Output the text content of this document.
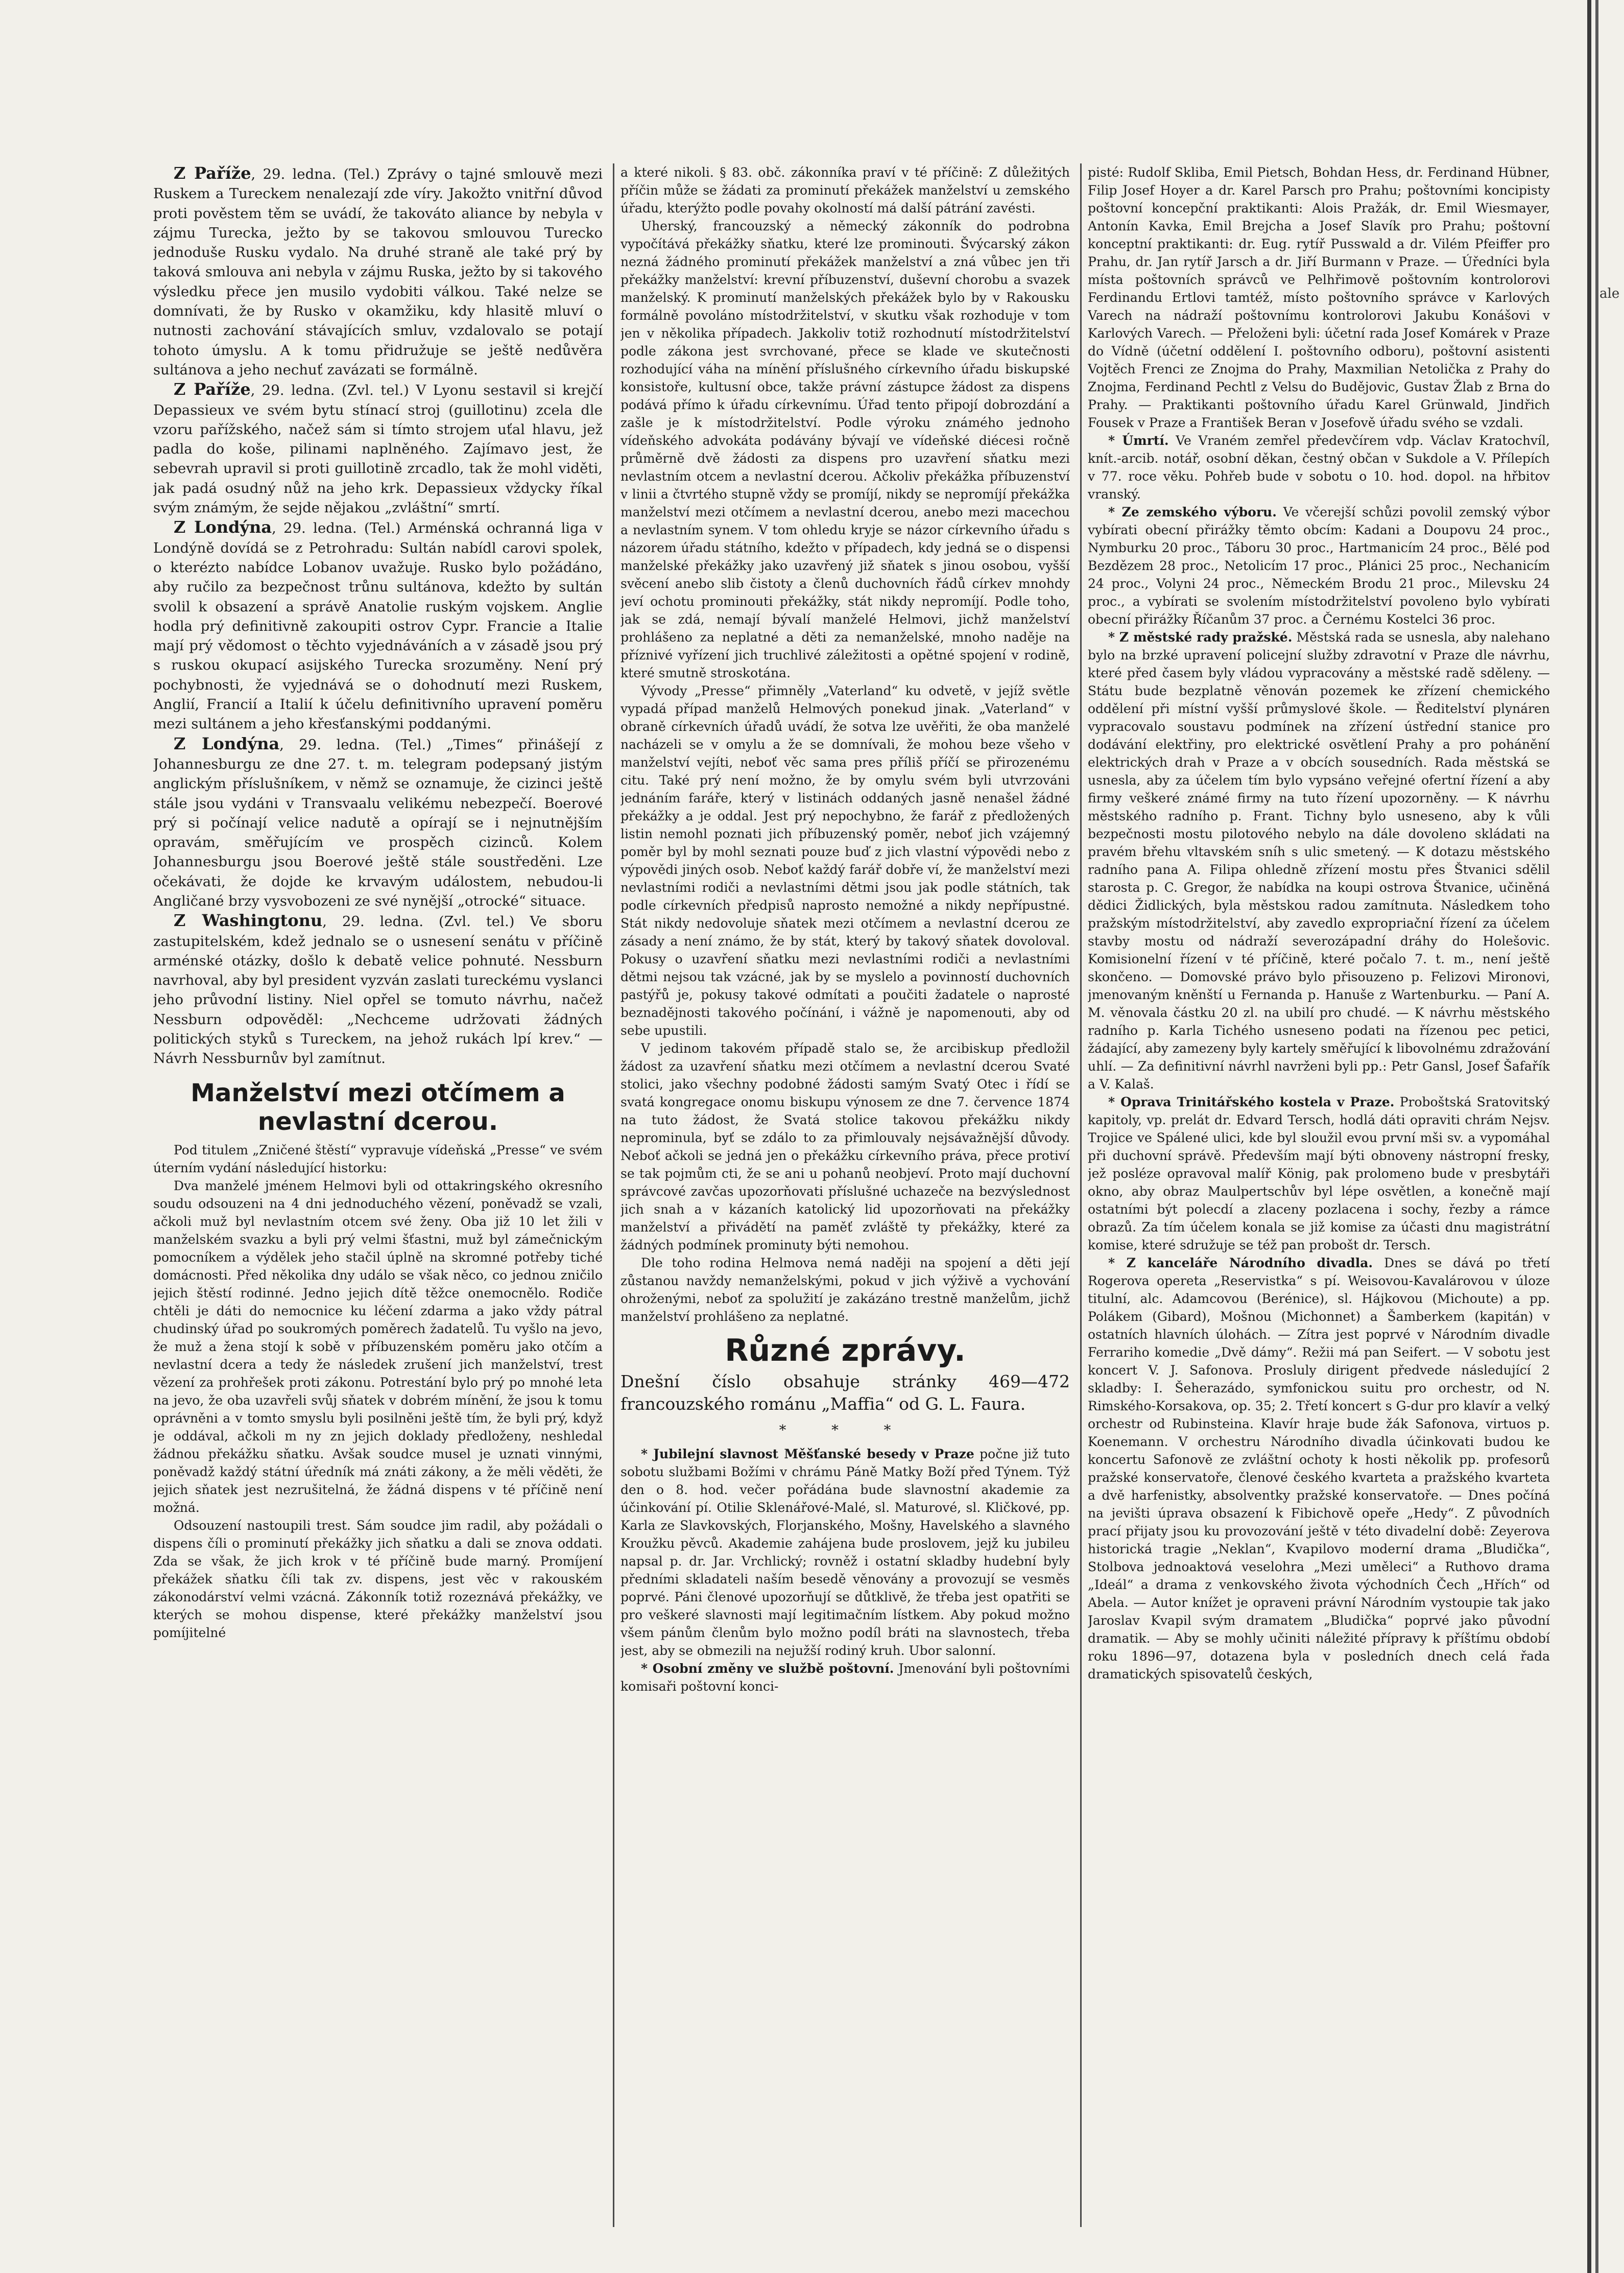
Z Paříže, 29. ledna. (Tel.) Zprávy o tajné smlouvě mezi Ruskem a Tureckem nenalezají zde víry. Jakožto vnitřní důvod proti pověstem těm se uvádí, že takováto aliance by nebyla v zájmu Turecka, ježto by se takovou smlouvou Turecko jednoduše Rusku vydalo. Na druhé straně ale také prý by taková smlouva ani nebyla v zájmu Ruska, ježto by si takového výsledku přece jen musilo vydobiti válkou. Také nelze se domnívati, že by Rusko v okamžiku, kdy hlasitě mluví o nutnosti zachování stávajících smluv, vzdalovalo se potají tohoto úmyslu. A k tomu přidružuje se ještě nedůvěra sultánova a jeho nechuť zavázati se formálně.

Z Paříže, 29. ledna. (Zvl. tel.) V Lyonu sestavil si krejčí Depassieux ve svém bytu stínací stroj (guillotinu) zcela dle vzoru pařížského, načež sám si tímto strojem uťal hlavu, jež padla do koše, pilinami naplněného. Zajímavo jest, že sebevrah upravil si proti guillotině zrcadlo, tak že mohl viděti, jak padá osudný nůž na jeho krk. Depassieux vždycky říkal svým známým, že sejde nějakou „zvláštní“ smrtí.

Z Londýna, 29. ledna. (Tel.) Arménská ochranná liga v Londýně dovídá se z Petrohradu: Sultán nabídl carovi spolek, o kterézto nabídce Lobanov uvažuje. Rusko bylo požádáno, aby ručilo za bezpečnost trůnu sultánova, kdežto by sultán svolil k obsazení a správě Anatolie ruským vojskem. Anglie hodla prý definitivně zakoupiti ostrov Cypr. Francie a Italie mají prý vědomost o těchto vyjednáváních a v zásadě jsou prý s ruskou okupací asijského Turecka srozuměny. Není prý pochybnosti, že vyjednává se o dohodnutí mezi Ruskem, Anglií, Francií a Italií k účelu definitivního upravení poměru mezi sultánem a jeho křesťanskými poddanými.

Z Londýna, 29. ledna. (Tel.) „Times“ přinášejí z Johannesburgu ze dne 27. t. m. telegram podepsaný jistým anglickým příslušníkem, v němž se oznamuje, že cizinci ještě stále jsou vydáni v Transvaalu velikému nebezpečí. Boerové prý si počínají velice nadutě a opírají se i nejnutnějším opravám, směřujícím ve prospěch cizinců. Kolem Johannesburgu jsou Boerové ještě stále soustředěni. Lze očekávati, že dojde ke krvavým událostem, nebudou-li Angličané brzy vysvobozeni ze své nynější „otrocké“ situace.

Z Washingtonu, 29. ledna. (Zvl. tel.) Ve sboru zastupitelském, kdež jednalo se o usnesení senátu v příčině arménské otázky, došlo k debatě velice pohnuté. Nessburn navrhoval, aby byl president vyzván zaslati tureckému vyslanci jeho průvodní listiny. Niel opřel se tomuto návrhu, načež Nessburn odpověděl: „Nechceme udržovati žádných politických styků s Tureckem, na jehož rukách lpí krev.“ — Návrh Nessburnův byl zamítnut.

Manželství mezi otčímem a nevlastní dcerou.

Pod titulem „Zničené štěstí“ vypravuje vídeňská „Presse“ ve svém úterním vydání následující historku:

Dva manželé jménem Helmovi byli od ottakringského okresního soudu odsouzeni na 4 dni jednoduchého vězení, poněvadž se vzali, ačkoli muž byl nevlastním otcem své ženy. Oba již 10 let žili v manželském svazku a byli prý velmi šťastni, muž byl zámečnickým pomocníkem a výdělek jeho stačil úplně na skromné potřeby tiché domácnosti. Před několika dny událo se však něco, co jednou zničilo jejich štěstí rodinné. Jedno jejich dítě těžce onemocnělo. Rodiče chtěli je dáti do nemocnice ku léčení zdarma a jako vždy pátral chudinský úřad po soukromých poměrech žadatelů. Tu vyšlo na jevo, že muž a žena stojí k sobě v příbuzenském poměru jako otčím a nevlastní dcera a tedy že následek zrušení jich manželství, trest vězení za prohřešek proti zákonu. Potrestání bylo prý po mnohé leta na jevo, že oba uzavřeli svůj sňatek v dobrém mínění, že jsou k tomu oprávněni a v tomto smyslu byli posilněni ještě tím, že byli prý, když je oddával, ačkoli m ny zn jejich doklady předloženy, neshledal žádnou překážku sňatku. Avšak soudce musel je uznati vinnými, poněvadž každý státní úředník má znáti zákony, a že měli věděti, že jejich sňatek jest nezrušitelná, že žádná dispens v té příčině není možná.

Odsouzení nastoupili trest. Sám soudce jim radil, aby požádali o dispens číli o prominutí překážky jich sňatku a dali se znova oddati. Zda se však, že jich krok v té příčině bude marný. Promíjení překážek sňatku číli tak zv. dispens, jest věc v rakouském zákonodárství velmi vzácná. Zákonník totiž rozeznává překážky, ve kterých se mohou dispense, které překážky manželství jsou pomíjitelné

a které nikoli. § 83. obč. zákonníka praví v té příčině: Z důležitých příčin může se žádati za prominutí překážek manželství u zemského úřadu, kterýžto podle povahy okolností má další pátrání zavésti.

Uherský, francouzský a německý zákonník do podrobna vypočítává překážky sňatku, které lze prominouti. Švýcarský zákon nezná žádného prominutí překážek manželství a zná vůbec jen tři překážky manželství: krevní příbuzenství, duševní chorobu a svazek manželský. K prominutí manželských překážek bylo by v Rakousku formálně povoláno místodržitelství, v skutku však rozhoduje v tom jen v několika případech. Jakkoliv totiž rozhodnutí místodržitelství podle zákona jest svrchované, přece se klade ve skutečnosti rozhodující váha na mínění příslušného církevního úřadu biskupské konsistoře, kultusní obce, takže právní zástupce žádost za dispens podává přímo k úřadu církevnímu. Úřad tento připojí dobrozdání a zašle je k místodržitelství. Podle výroku známého jednoho vídeňského advokáta podávány bývají ve vídeňské diécesi ročně průměrně dvě žádosti za dispens pro uzavření sňatku mezi nevlastním otcem a nevlastní dcerou. Ačkoliv překážka příbuzenství v linii a čtvrtého stupně vždy se promíjí, nikdy se nepromíjí překážka manželství mezi otčímem a nevlastní dcerou, anebo mezi macechou a nevlastním synem. V tom ohledu kryje se názor církevního úřadu s názorem úřadu státního, kdežto v případech, kdy jedná se o dispensi manželské překážky jako uzavřený již sňatek s jinou osobou, vyšší svěcení anebo slib čistoty a členů duchovních řádů církev mnohdy jeví ochotu prominouti překážky, stát nikdy nepromíjí. Podle toho, jak se zdá, nemají bývalí manželé Helmovi, jichž manželství prohlášeno za neplatné a děti za nemanželské, mnoho naděje na příznivé vyřízení jich truchlivé záležitosti a opětné spojení v rodině, které smutně stroskotána.

Vývody „Presse“ přimněly „Vaterland“ ku odvetě, v jejíž světle vypadá případ manželů Helmových ponekud jinak. „Vaterland“ v obraně církevních úřadů uvádí, že sotva lze uvěřiti, že oba manželé nacházeli se v omylu a že se domnívali, že mohou beze všeho v manželství vejíti, neboť věc sama pres příliš příčí se přirozenému citu. Také prý není možno, že by omylu svém byli utvrzováni jednáním faráře, který v listinách oddaných jasně nenašel žádné překážky a je oddal. Jest prý nepochybno, že farář z předložených listin nemohl poznati jich příbuzenský poměr, neboť jich vzájemný poměr byl by mohl seznati pouze buď z jich vlastní výpovědi nebo z výpovědi jiných osob. Neboť každý farář dobře ví, že manželství mezi nevlastními rodiči a nevlastními dětmi jsou jak podle státních, tak podle církevních předpisů naprosto nemožné a nikdy nepřípustné. Stát nikdy nedovoluje sňatek mezi otčímem a nevlastní dcerou ze zásady a není známo, že by stát, který by takový sňatek dovoloval. Pokusy o uzavření sňatku mezi nevlastními rodiči a nevlastními dětmi nejsou tak vzácné, jak by se myslelo a povinností duchovních pastýřů je, pokusy takové odmítati a poučiti žadatele o naprosté beznadějnosti takového počínání, i vážně je napomenouti, aby od sebe upustili.

V jedinom takovém případě stalo se, že arcibiskup předložil žádost za uzavření sňatku mezi otčímem a nevlastní dcerou Svaté stolici, jako všechny podobné žádosti samým Svatý Otec i řídí se svatá kongregace onomu biskupu výnosem ze dne 7. července 1874 na tuto žádost, že Svatá stolice takovou překážku nikdy neprominula, byť se zdálo to za přimlouvaly nejsávažnější důvody. Neboť ačkoli se jedná jen o překážku církevního práva, přece protiví se tak pojmům cti, že se ani u pohanů neobjeví. Proto mají duchovní správcové zavčas upozorňovati příslušné uchazeče na bezvýslednost jich snah a v kázaních katolický lid upozorňovati na překážky manželství a přivádětí na paměť zvláště ty překážky, které za žádných podmínek prominuty býti nemohou.

Dle toho rodina Helmova nemá naději na spojení a děti její zůstanou navždy nemanželskými, pokud v jich výživě a vychování ohroženými, neboť za spolužití je zakázáno trestně manželům, jichž manželství prohlášeno za neplatné.

Různé zprávy.

Dnešní číslo obsahuje stránky 469—472 francouzského románu „Maffia“ od G. L. Faura.

* * *

* Jubilejní slavnost Měšťanské besedy v Praze počne již tuto sobotu službami Božími v chrámu Páně Matky Boží před Týnem. Týž den o 8. hod. večer pořádána bude slavnostní akademie za účinkování pí. Otilie Sklenářové-Malé, sl. Maturové, sl. Kličkové, pp. Karla ze Slavkovských, Florjanského, Mošny, Havelského a slavného Kroužku pěvců. Akademie zahájena bude proslovem, jejž ku jubileu napsal p. dr. Jar. Vrchlický; rovněž i ostatní skladby hudební byly předními skladateli naším besedě věnovány a provozují se vesměs poprvé. Páni členové upozorňují se důtklivě, že třeba jest opatřiti se pro veškeré slavnosti mají legitimačním lístkem. Aby pokud možno všem pánům členům bylo možno podíl bráti na slavnostech, třeba jest, aby se obmezili na nejužší rodiný kruh. Ubor salonní.

* Osobní změny ve službě poštovní. Jmenování byli poštovními komisaři poštovní konci-

pisté: Rudolf Skliba, Emil Pietsch, Bohdan Hess, dr. Ferdinand Hübner, Filip Josef Hoyer a dr. Karel Parsch pro Prahu; poštovními koncipisty poštovní koncepční praktikanti: Alois Pražák, dr. Emil Wiesmayer, Antonín Kavka, Emil Brejcha a Josef Slavík pro Prahu; poštovní konceptní praktikanti: dr. Eug. rytíř Pusswald a dr. Vilém Pfeiffer pro Prahu, dr. Jan rytíř Jarsch a dr. Jiří Burmann v Praze. — Úředníci byla místa poštovních správců ve Pelhřimově poštovním kontrolorovi Ferdinandu Ertlovi tamtéž, místo poštovního správce v Karlových Varech na nádraží poštovnímu kontrolorovi Jakubu Konášovi v Karlových Varech. — Přeloženi byli: účetní rada Josef Komárek v Praze do Vídně (účetní oddělení I. poštovního odboru), poštovní asistenti Vojtěch Frenci ze Znojma do Prahy, Maxmilian Netolička z Prahy do Znojma, Ferdinand Pechtl z Velsu do Budějovic, Gustav Žlab z Brna do Prahy. — Praktikanti poštovního úřadu Karel Grünwald, Jindřich Fousek v Praze a František Beran v Josefově úřadu svého se vzdali.

* Úmrtí. Ve Vraném zemřel předevčírem vdp. Václav Kratochvíl, knít.-arcib. notář, osobní děkan, čestný občan v Sukdole a V. Přílepích v 77. roce věku. Pohřeb bude v sobotu o 10. hod. dopol. na hřbitov vranský.

* Ze zemského výboru. Ve včerejší schůzi povolil zemský výbor vybírati obecní přirážky těmto obcím: Kadani a Doupovu 24 proc., Nymburku 20 proc., Táboru 30 proc., Hartmanicím 24 proc., Bělé pod Bezdězem 28 proc., Netolicím 17 proc., Plánici 25 proc., Nechanicím 24 proc., Volyni 24 proc., Německém Brodu 21 proc., Milevsku 24 proc., a vybírati se svolením místodržitelství povoleno bylo vybírati obecní přirážky Říčanům 37 proc. a Černému Kostelci 36 proc.

* Z městské rady pražské. Městská rada se usnesla, aby nalehano bylo na brzké upravení policejní služby zdravotní v Praze dle návrhu, které před časem byly vládou vypracovány a městské radě sděleny. — Státu bude bezplatně věnován pozemek ke zřízení chemického oddělení při místní vyšší průmyslové škole. — Ředitelství plynáren vypracovalo soustavu podmínek na zřízení ústřední stanice pro dodávání elektřiny, pro elektrické osvětlení Prahy a pro pohánění elektrických drah v Praze a v obcích sousedních. Rada městská se usnesla, aby za účelem tím bylo vypsáno veřejné ofertní řízení a aby firmy veškeré známé firmy na tuto řízení upozorněny. — K návrhu městského radního p. Frant. Tichny bylo usneseno, aby k vůli bezpečnosti mostu pilotového nebylo na dále dovoleno skládati na pravém břehu vltavském sníh s ulic smetený. — K dotazu městského radního pana A. Filipa ohledně zřízení mostu přes Štvanici sdělil starosta p. C. Gregor, že nabídka na koupi ostrova Štvanice, učiněná dědici Židlických, byla městskou radou zamítnuta. Následkem toho pražským místodržitelství, aby zavedlo expropriační řízení za účelem stavby mostu od nádraží severozápadní dráhy do Holešovic. Komisionelní řízení v té příčině, které počalo 7. t. m., není ještě skončeno. — Domovské právo bylo přisouzeno p. Felizovi Mironovi, jmenovaným kněnští u Fernanda p. Hanuše z Wartenburku. — Paní A. M. věnovala částku 20 zl. na ubilí pro chudé. — K návrhu městského radního p. Karla Tichého usneseno podati na řízenou pec petici, žádající, aby zamezeny byly kartely směřující k libovolnému zdražování uhlí. — Za definitivní návrhl navrženi byli pp.: Petr Gansl, Josef Šafařík a V. Kalaš.

* Oprava Trinitářského kostela v Praze. Proboštská Sratovitský kapitoly, vp. prelát dr. Edvard Tersch, hodlá dáti opraviti chrám Nejsv. Trojice ve Spálené ulici, kde byl sloužil evou první mši sv. a vypomáhal při duchovní správě. Především mají býti obnoveny nástropní fresky, jež posléze opravoval malíř König, pak prolomeno bude v presbytáři okno, aby obraz Maulpertschův byl lépe osvětlen, a konečně mají ostatními být polecdí a zlaceny pozlacena i sochy, řezby a rámce obrazů. Za tím účelem konala se již komise za účasti dnu magistrátní komise, které sdružuje se též pan probošt dr. Tersch.

* Z kanceláře Národního divadla. Dnes se dává po třetí Rogerova opereta „Reservistka“ s pí. Weisovou-Kavalárovou v úloze titulní, alc. Adamcovou (Berénice), sl. Hájkovou (Michoute) a pp. Polákem (Gibard), Mošnou (Michonnet) a Šamberkem (kapitán) v ostatních hlavních úlohách. — Zítra jest poprvé v Národním divadle Ferrariho komedie „Dvě dámy“. Režii má pan Seifert. — V sobotu jest koncert V. J. Safonova. Prosluly dirigent předvede následující 2 skladby: I. Šeherazádo, symfonickou suitu pro orchestr, od N. Rimského-Korsakova, op. 35; 2. Třetí koncert s G-dur pro klavír a velký orchestr od Rubinsteina. Klavír hraje bude žák Safonova, virtuos p. Koenemann. V orchestru Národního divadla účinkovati budou ke koncertu Safonově ze zvláštní ochoty k hosti několik pp. profesorů pražské konservatoře, členové českého kvarteta a pražského kvarteta a dvě harfenistky, absolventky pražské konservatoře. — Dnes počíná na jevišti úprava obsazení k Fibichově opeře „Hedy“. Z původních prací přijaty jsou ku provozování ještě v této divadelní době: Zeyerova historická tragie „Neklan“, Kvapilovo moderní drama „Bludička“, Stolbova jednoaktová veselohra „Mezi uměleci“ a Ruthovo drama „Ideál“ a drama z venkovského života východních Čech „Hřích“ od Abela. — Autor knížet je opraveni právní Národním vystoupie tak jako Jaroslav Kvapil svým dramatem „Bludička“ poprvé jako původní dramatik. — Aby se mohly učiniti náležité přípravy k příštímu období roku 1896—97, dotazena byla v posledních dnech celá řada dramatických spisovatelů českých,

ale
